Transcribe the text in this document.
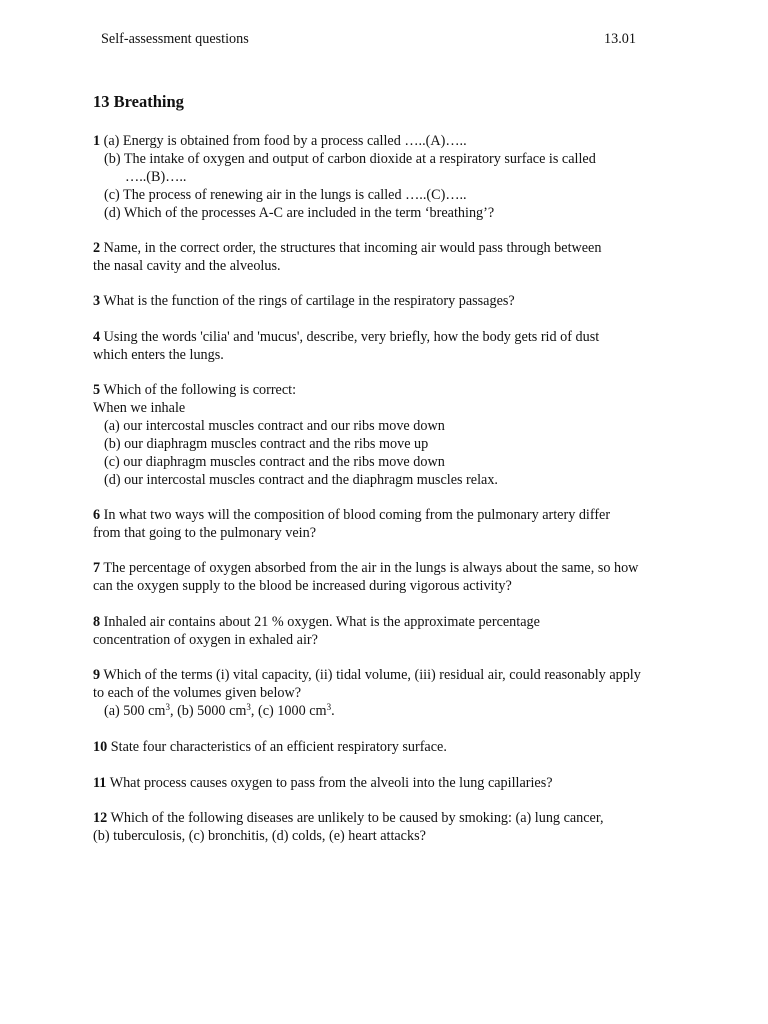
Self-assessment questions	13.01
13 Breathing
1 (a) Energy is obtained from food by a process called …..(A)…..
(b) The intake of oxygen and output of carbon dioxide at a respiratory surface is called
…..(B)…..
(c) The process of renewing air in the lungs is called …..(C)…..
(d) Which of the processes A-C are included in the term ‘breathing’?
2 Name, in the correct order, the structures that incoming air would pass through between
the nasal cavity and the alveolus.
3 What is the function of the rings of cartilage in the respiratory passages?
4 Using the words 'cilia' and 'mucus', describe, very briefly, how the body gets rid of dust
which enters the lungs.
5 Which of the following is correct:
When we inhale
(a) our intercostal muscles contract and our ribs move down
(b) our diaphragm muscles contract and the ribs move up
(c) our diaphragm muscles contract and the ribs move down
(d) our intercostal muscles contract and the diaphragm muscles relax.
6 In what two ways will the composition of blood coming from the pulmonary artery differ
from that going to the pulmonary vein?
7 The percentage of oxygen absorbed from the air in the lungs is always about the same, so how
can the oxygen supply to the blood be increased during vigorous activity?
8 Inhaled air contains about 21 % oxygen. What is the approximate percentage
concentration of oxygen in exhaled air?
9 Which of the terms (i) vital capacity, (ii) tidal volume, (iii) residual air, could reasonably apply
to each of the volumes given below?
(a) 500 $cm^3$, (b) 5000 $cm^3$, (c) 1000 $cm^3$.
10 State four characteristics of an efficient respiratory surface.
11 What process causes oxygen to pass from the alveoli into the lung capillaries?
12 Which of the following diseases are unlikely to be caused by smoking: (a) lung cancer,
(b) tuberculosis, (c) bronchitis, (d) colds, (e) heart attacks?
